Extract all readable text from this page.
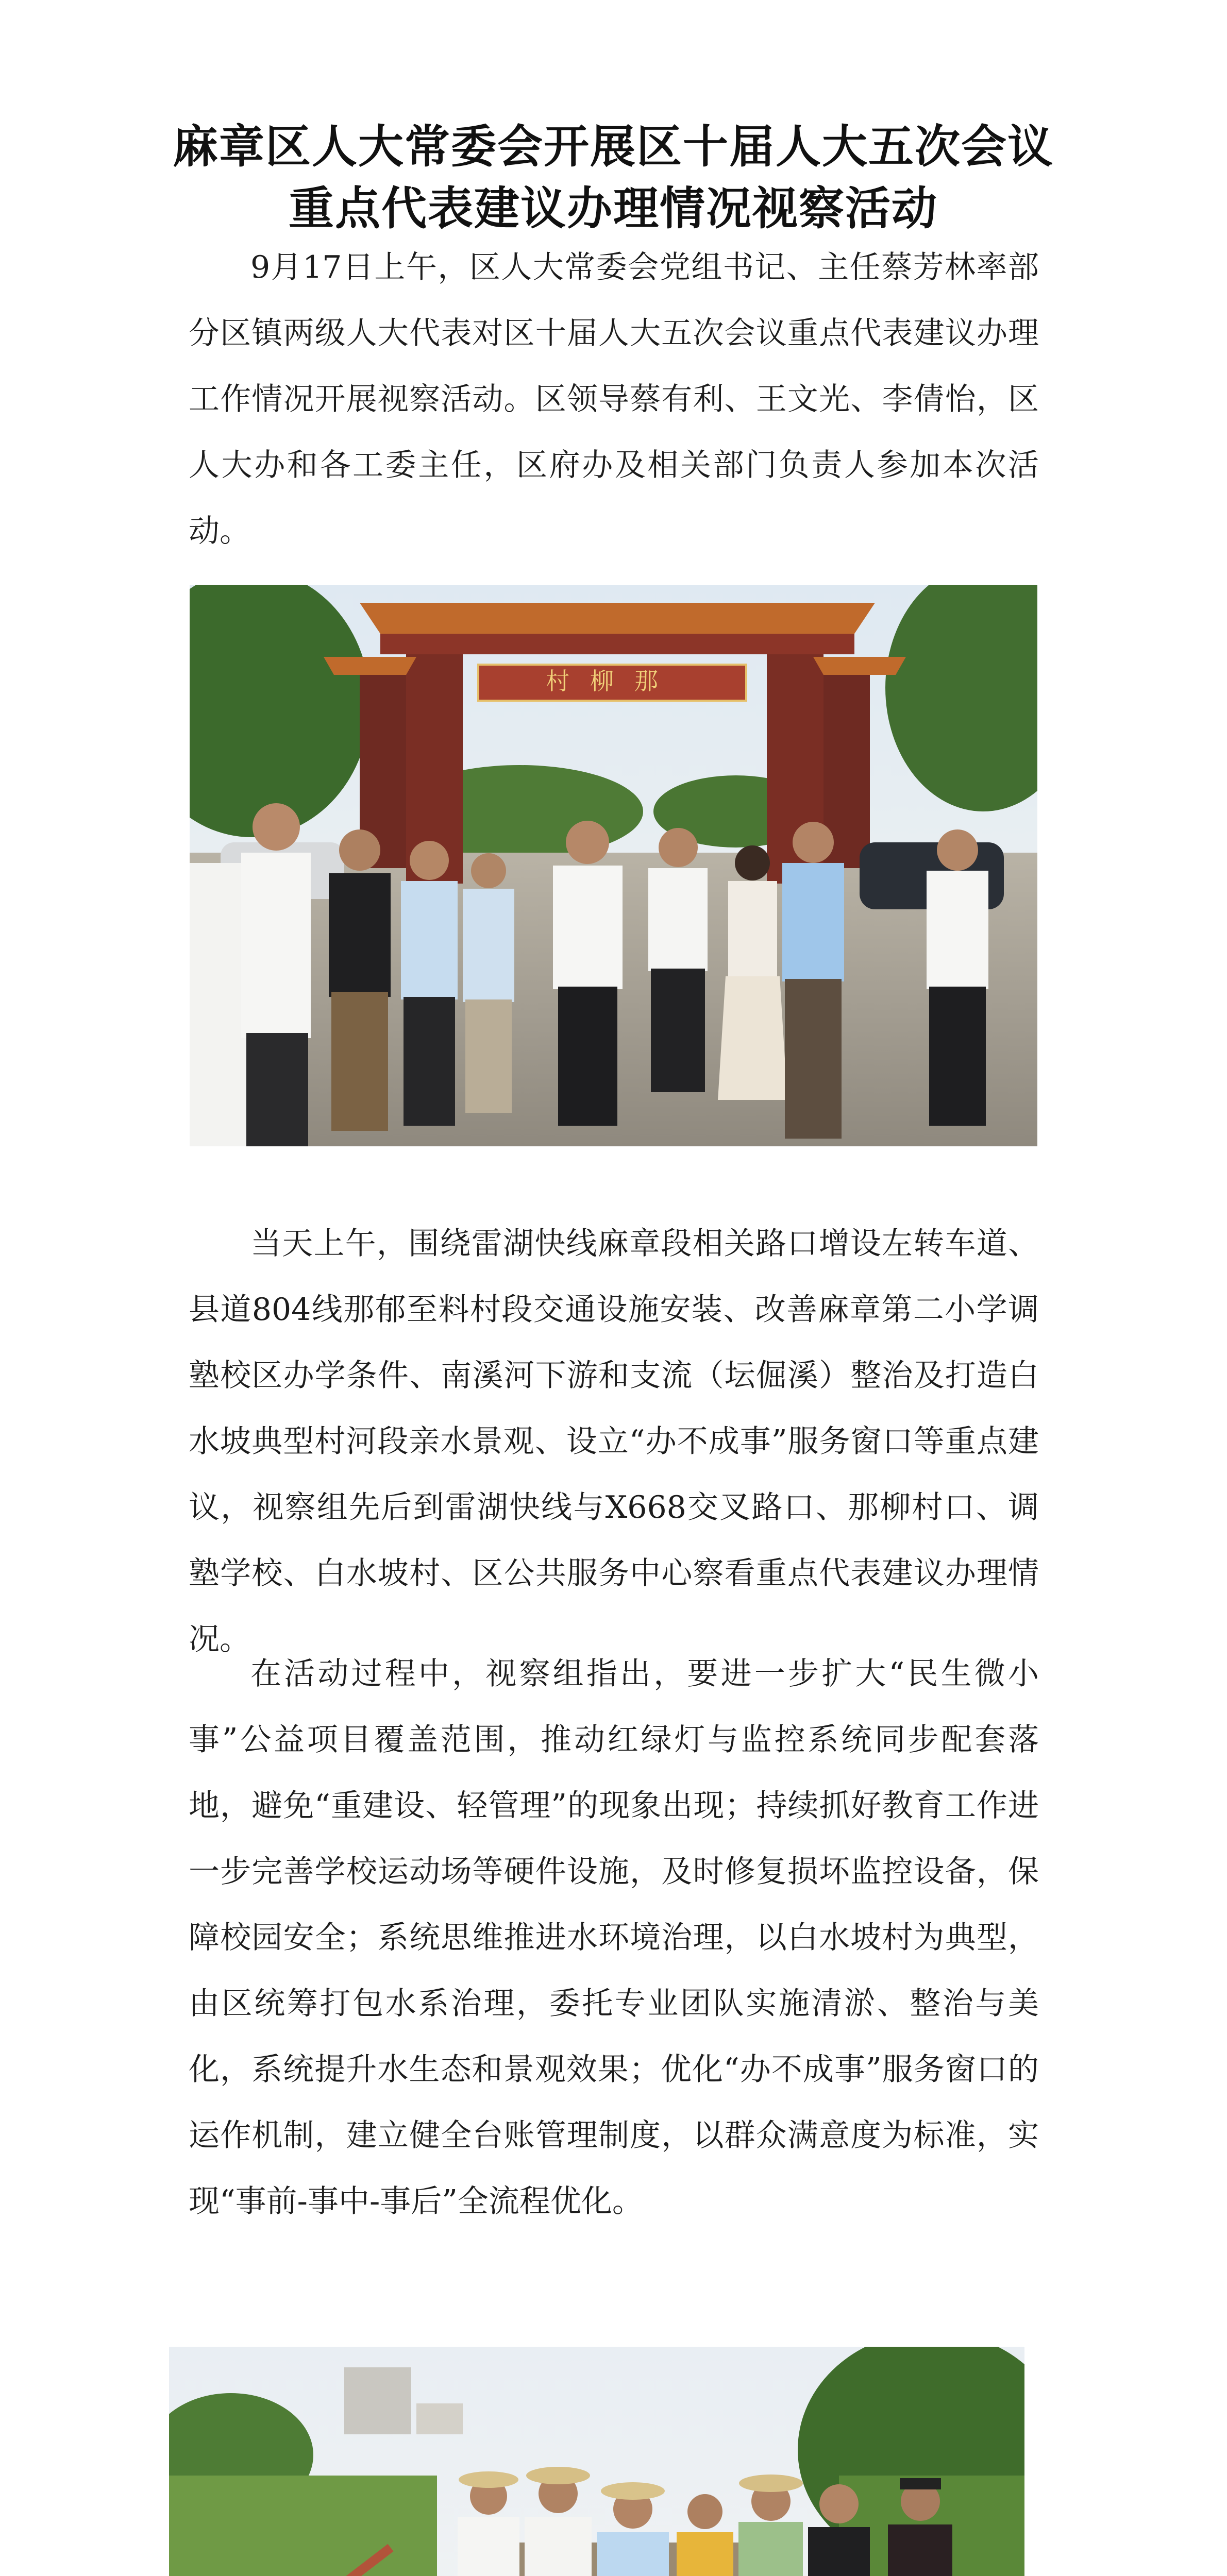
麻章区人大常委会开展区十届人大五次会议重点代表建议办理情况视察活动

9月17日上午，区人大常委会党组书记、主任蔡芳林率部分区镇两级人大代表对区十届人大五次会议重点代表建议办理工作情况开展视察活动。区领导蔡有利、王文光、李倩怡，区人大办和各工委主任，区府办及相关部门负责人参加本次活动。

村柳那

当天上午，围绕雷湖快线麻章段相关路口增设左转车道、县道804线那郁至料村段交通设施安装、改善麻章第二小学调塾校区办学条件、南溪河下游和支流（坛倔溪）整治及打造白水坡典型村河段亲水景观、设立“办不成事”服务窗口等重点建议，视察组先后到雷湖快线与X668交叉路口、那柳村口、调塾学校、白水坡村、区公共服务中心察看重点代表建议办理情况。

在活动过程中，视察组指出，要进一步扩大“民生微小事”公益项目覆盖范围，推动红绿灯与监控系统同步配套落地，避免“重建设、轻管理”的现象出现；持续抓好教育工作进一步完善学校运动场等硬件设施，及时修复损坏监控设备，保障校园安全；系统思维推进水环境治理，以白水坡村为典型，由区统筹打包水系治理，委托专业团队实施清淤、整治与美化，系统提升水生态和景观效果；优化“办不成事”服务窗口的运作机制，建立健全台账管理制度，以群众满意度为标准，实现“事前-事中-事后”全流程优化。
